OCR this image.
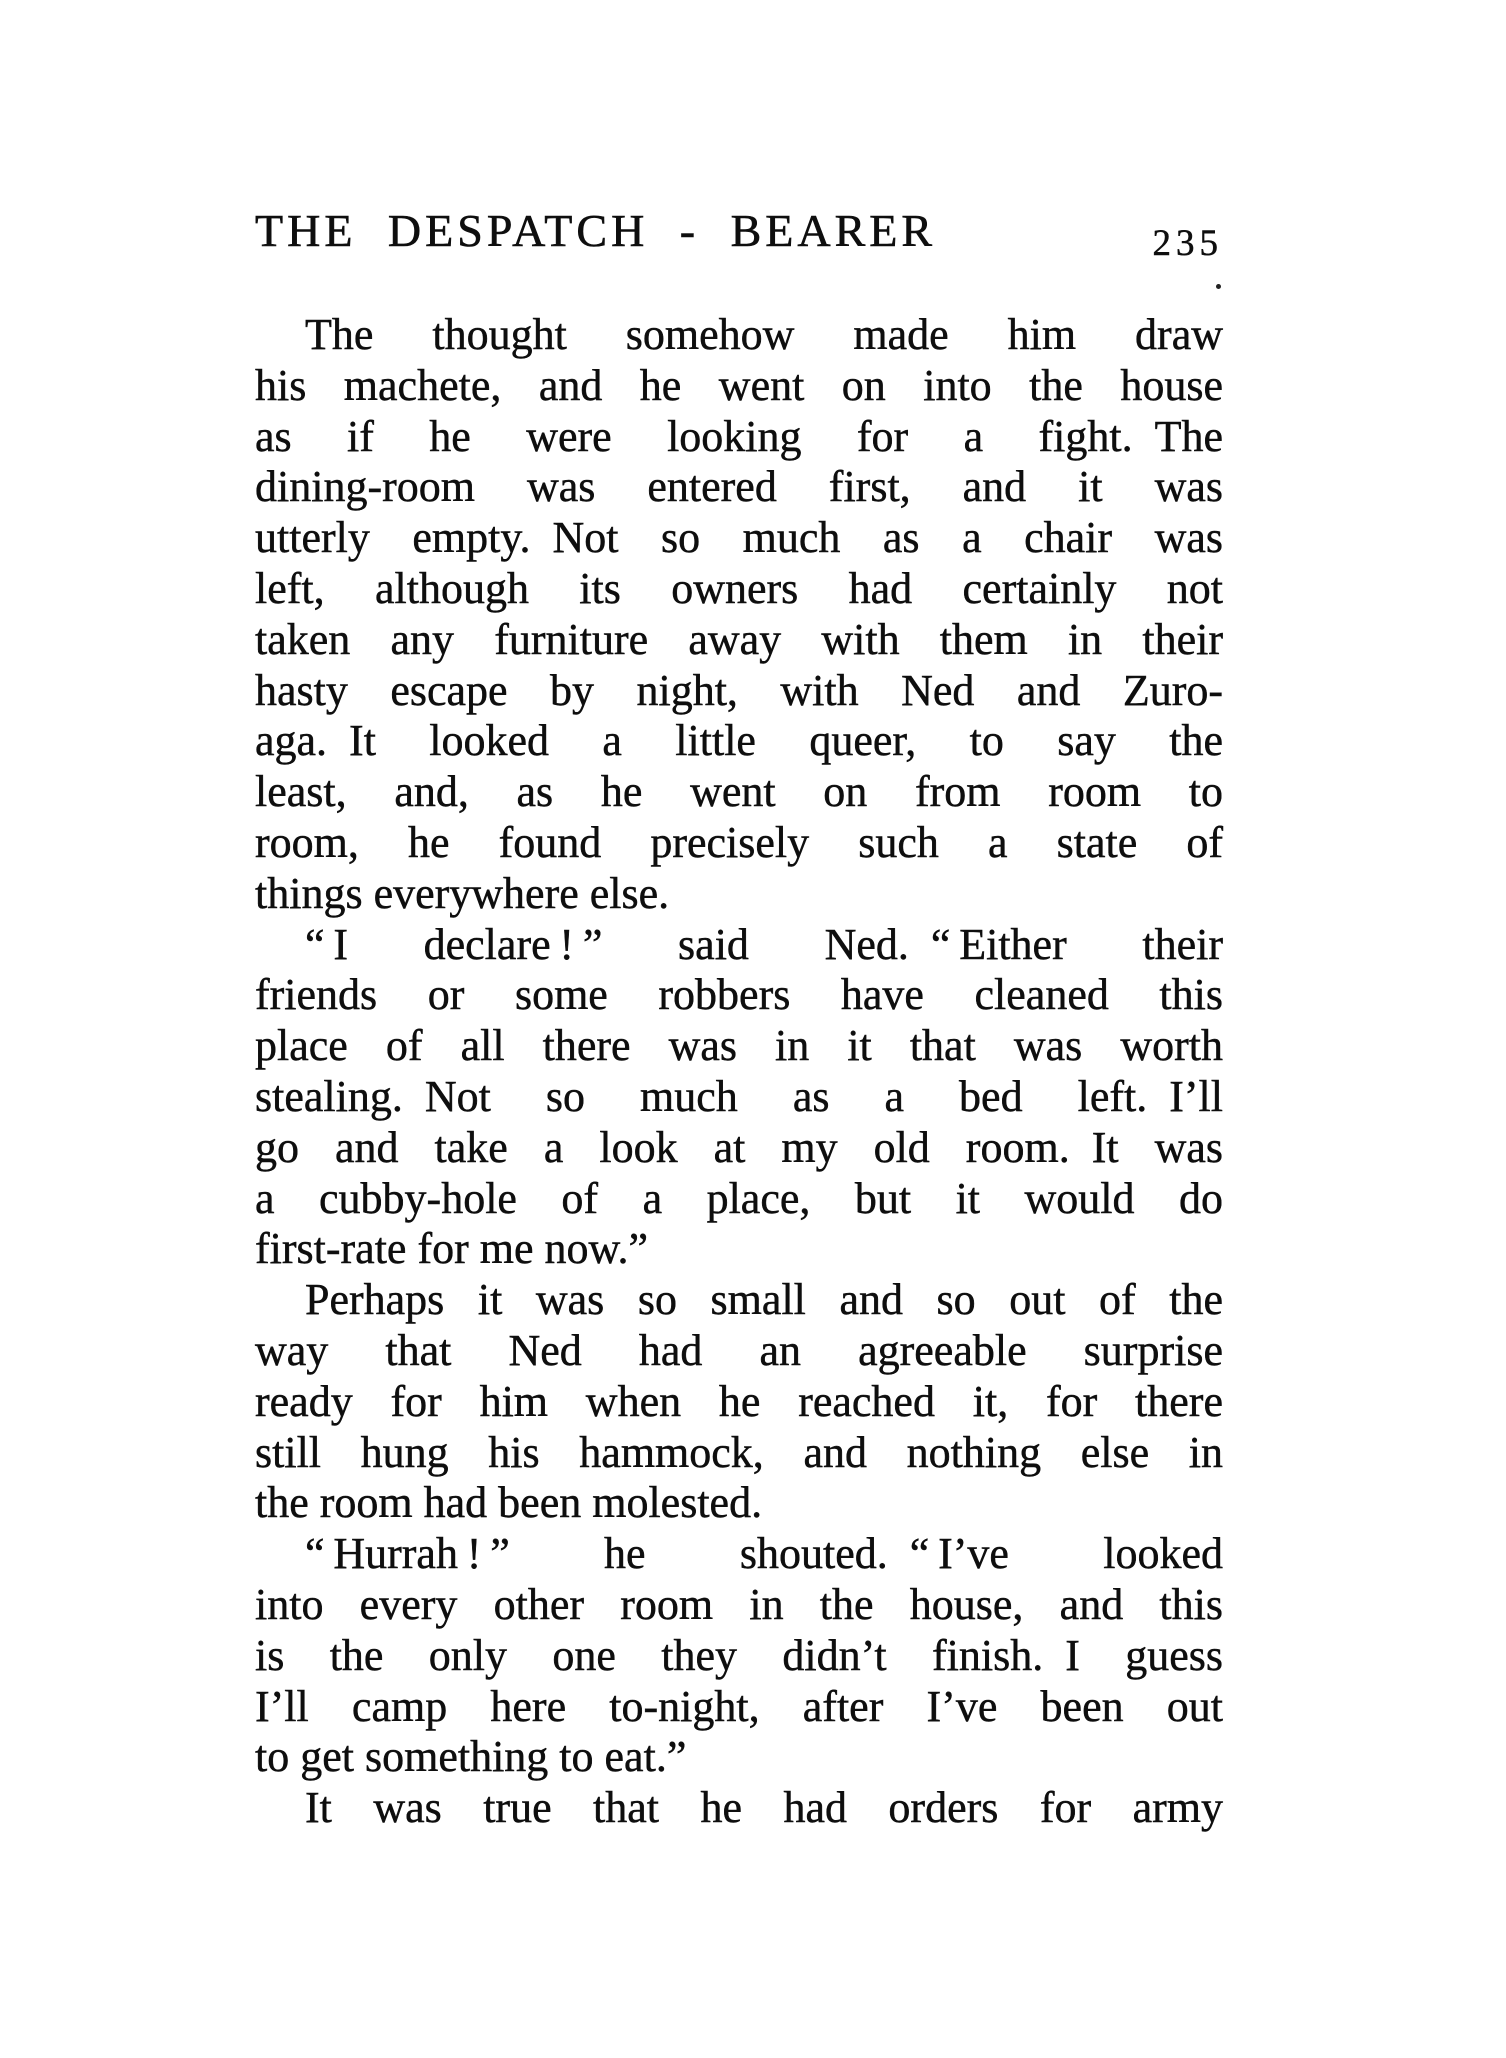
THE DESPATCH - BEARER	235
The thought somehow made him draw
his machete, and he went on into the house
as if he were looking for a fight. The
dining-room was entered first, and it was
utterly empty. Not so much as a chair was
left, although its owners had certainly not
taken any furniture away with them in their
hasty escape by night, with Ned and Zuro-
aga. It looked a little queer, to say the
least, and, as he went on from room to
room, he found precisely such a state of
things everywhere else.
“ I declare ! ” said Ned. “ Either their
friends or some robbers have cleaned this
place of all there was in it that was worth
stealing. Not so much as a bed left. I’ll
go and take a look at my old room. It was
a cubby-hole of a place, but it would do
first-rate for me now.”
Perhaps it was so small and so out of the
way that Ned had an agreeable surprise
ready for him when he reached it, for there
still hung his hammock, and nothing else in
the room had been molested.
“ Hurrah ! ” he shouted. “ I’ve looked
into every other room in the house, and this
is the only one they didn’t finish. I guess
I’ll camp here to-night, after I’ve been out
to get something to eat.”
It was true that he had orders for army
